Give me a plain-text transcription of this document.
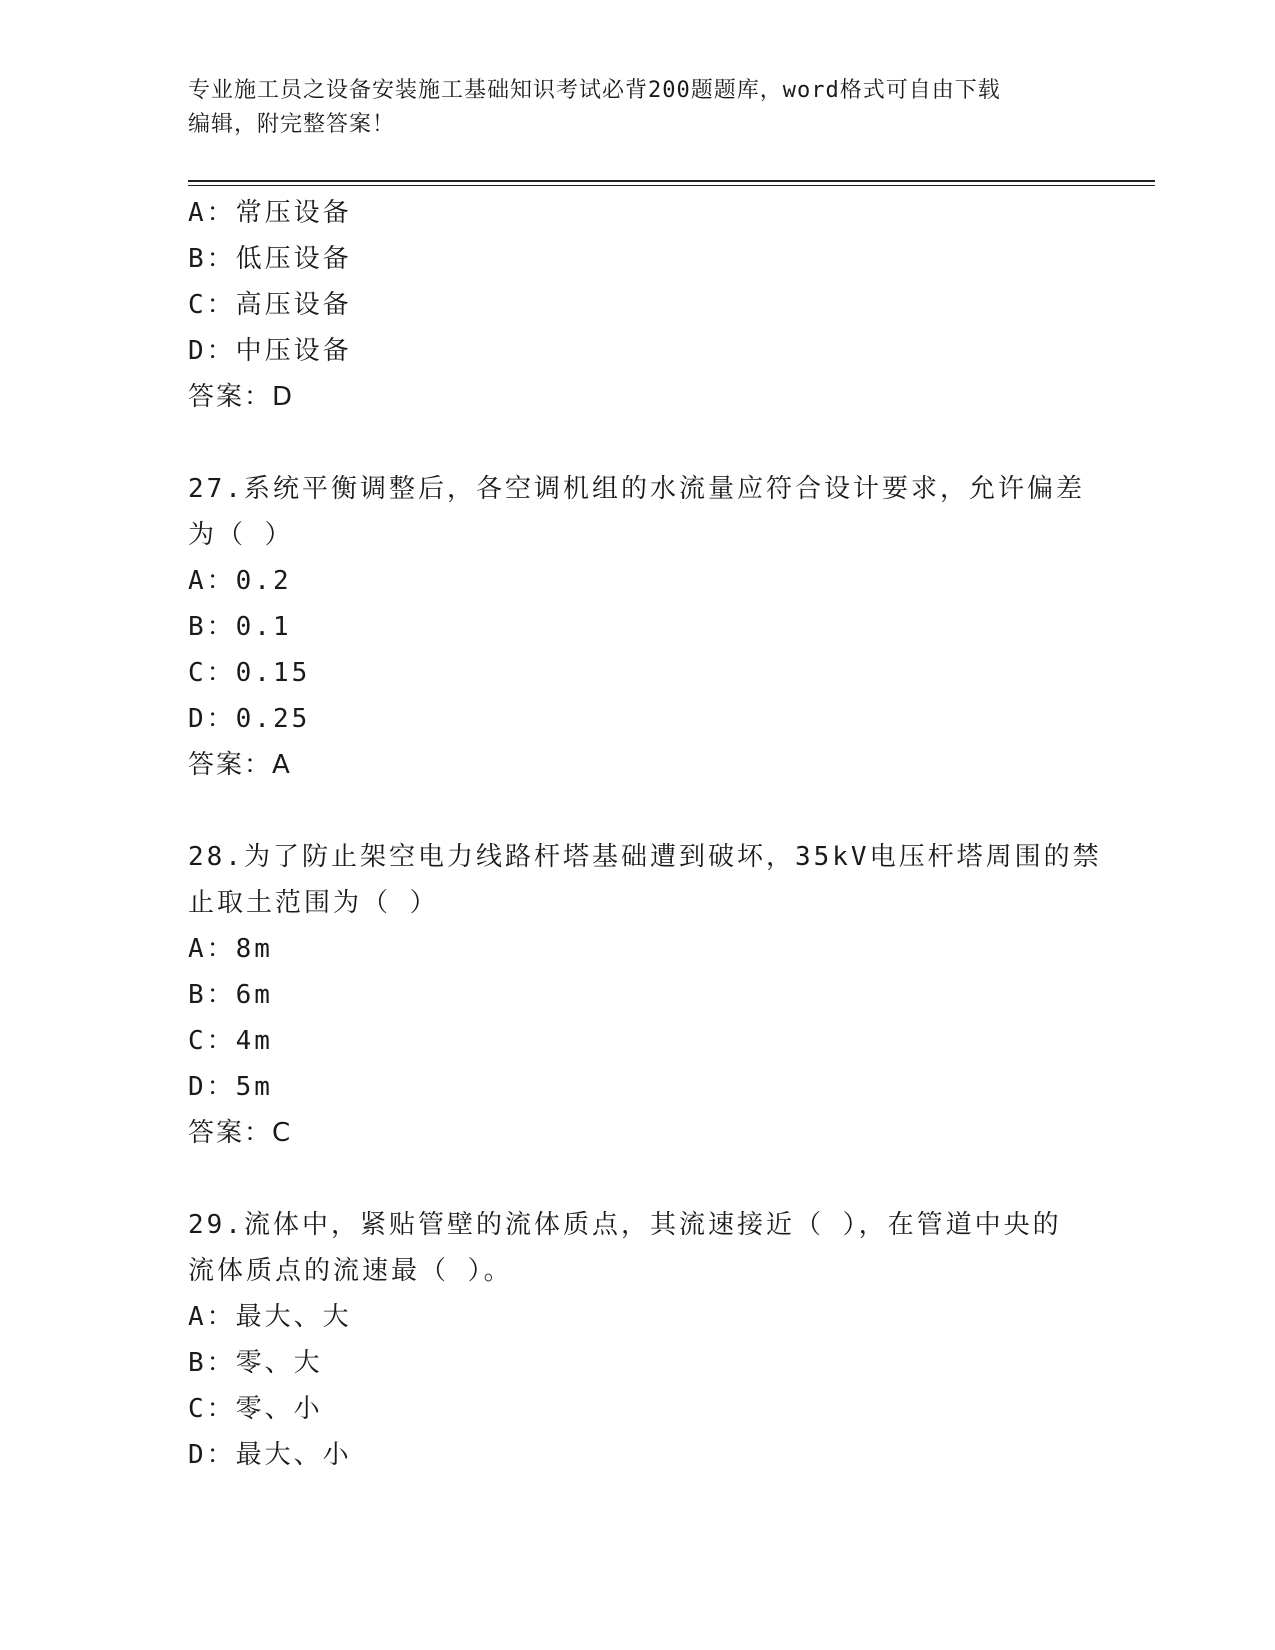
专业施工员之设备安装施工基础知识考试必背200题题库，word格式可自由下载
编辑，附完整答案！
A：常压设备
B：低压设备
C：高压设备
D：中压设备
答案：D
27.系统平衡调整后，各空调机组的水流量应符合设计要求，允许偏差
为（ ）
A：0.2
B：0.1
C：0.15
D：0.25
答案：A
28.为了防止架空电力线路杆塔基础遭到破坏，35kV电压杆塔周围的禁
止取土范围为（ ）
A：8m
B：6m
C：4m
D：5m
答案：C
29.流体中，紧贴管壁的流体质点，其流速接近（ ），在管道中央的
流体质点的流速最（ ）。
A：最大、大
B：零、大
C：零、小
D：最大、小
